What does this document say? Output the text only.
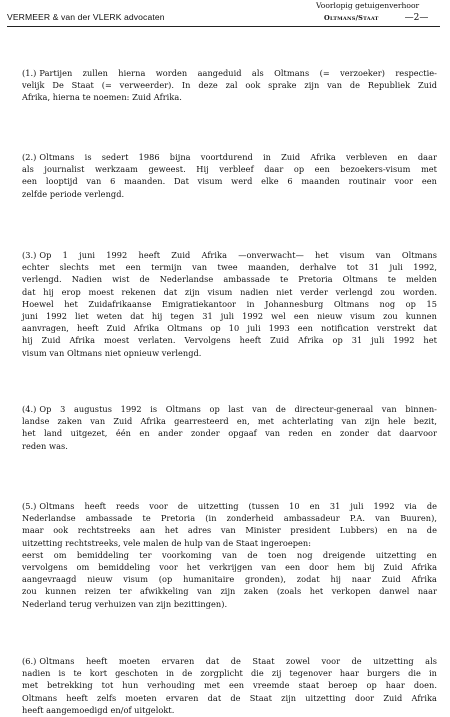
VERMEER & van der VLERK advocaten
Voorlopig getuigenverhoor
Oltmans/Staat	—2—
(1.) Partijen zullen hierna worden aangeduid als Oltmans (= verzoeker) respectie-
velijk De Staat (= verweerder). In deze zal ook sprake zijn van de Republiek Zuid
Afrika, hierna te noemen: Zuid Afrika.
(2.) Oltmans is sedert 1986 bijna voortdurend in Zuid Afrika verbleven en daar
als journalist werkzaam geweest. Hij verbleef daar op een bezoekers-visum met
een looptijd van 6 maanden. Dat visum werd elke 6 maanden routinair voor een
zelfde periode verlengd.
(3.) Op 1 juni 1992 heeft Zuid Afrika —onverwacht— het visum van Oltmans
echter slechts met een termijn van twee maanden, derhalve tot 31 juli 1992,
verlengd. Nadien wist de Nederlandse ambassade te Pretoria Oltmans te melden
dat hij erop moest rekenen dat zijn visum nadien niet verder verlengd zou worden.
Hoewel het Zuidafrikaanse Emigratiekantoor in Johannesburg Oltmans nog op 15
juni 1992 liet weten dat hij tegen 31 juli 1992 wel een nieuw visum zou kunnen
aanvragen, heeft Zuid Afrika Oltmans op 10 juli 1993 een notification verstrekt dat
hij Zuid Afrika moest verlaten. Vervolgens heeft Zuid Afrika op 31 juli 1992 het
visum van Oltmans niet opnieuw verlengd.
(4.) Op 3 augustus 1992 is Oltmans op last van de directeur-generaal van binnen-
landse zaken van Zuid Afrika gearresteerd en, met achterlating van zijn hele bezit,
het land uitgezet, één en ander zonder opgaaf van reden en zonder dat daarvoor
reden was.
(5.) Oltmans heeft reeds voor de uitzetting (tussen 10 en 31 juli 1992 via de
Nederlandse ambassade te Pretoria (in zonderheid ambassadeur P.A. van Buuren),
maar ook rechtstreeks aan het adres van Minister president Lubbers) en na de
uitzetting rechtstreeks, vele malen de hulp van de Staat ingeroepen:
eerst om bemiddeling ter voorkoming van de toen nog dreigende uitzetting en
vervolgens om bemiddeling voor het verkrijgen van een door hem bij Zuid Afrika
aangevraagd nieuw visum (op humanitaire gronden), zodat hij naar Zuid Afrika
zou kunnen reizen ter afwikkeling van zijn zaken (zoals het verkopen danwel naar
Nederland terug verhuizen van zijn bezittingen).
(6.) Oltmans heeft moeten ervaren dat de Staat zowel voor de uitzetting als
nadien is te kort geschoten in de zorgplicht die zij tegenover haar burgers die in
met betrekking tot hun verhouding met een vreemde staat beroep op haar doen.
Oltmans heeft zelfs moeten ervaren dat de Staat zijn uitzetting door Zuid Afrika
heeft aangemoedigd en/of uitgelokt.
